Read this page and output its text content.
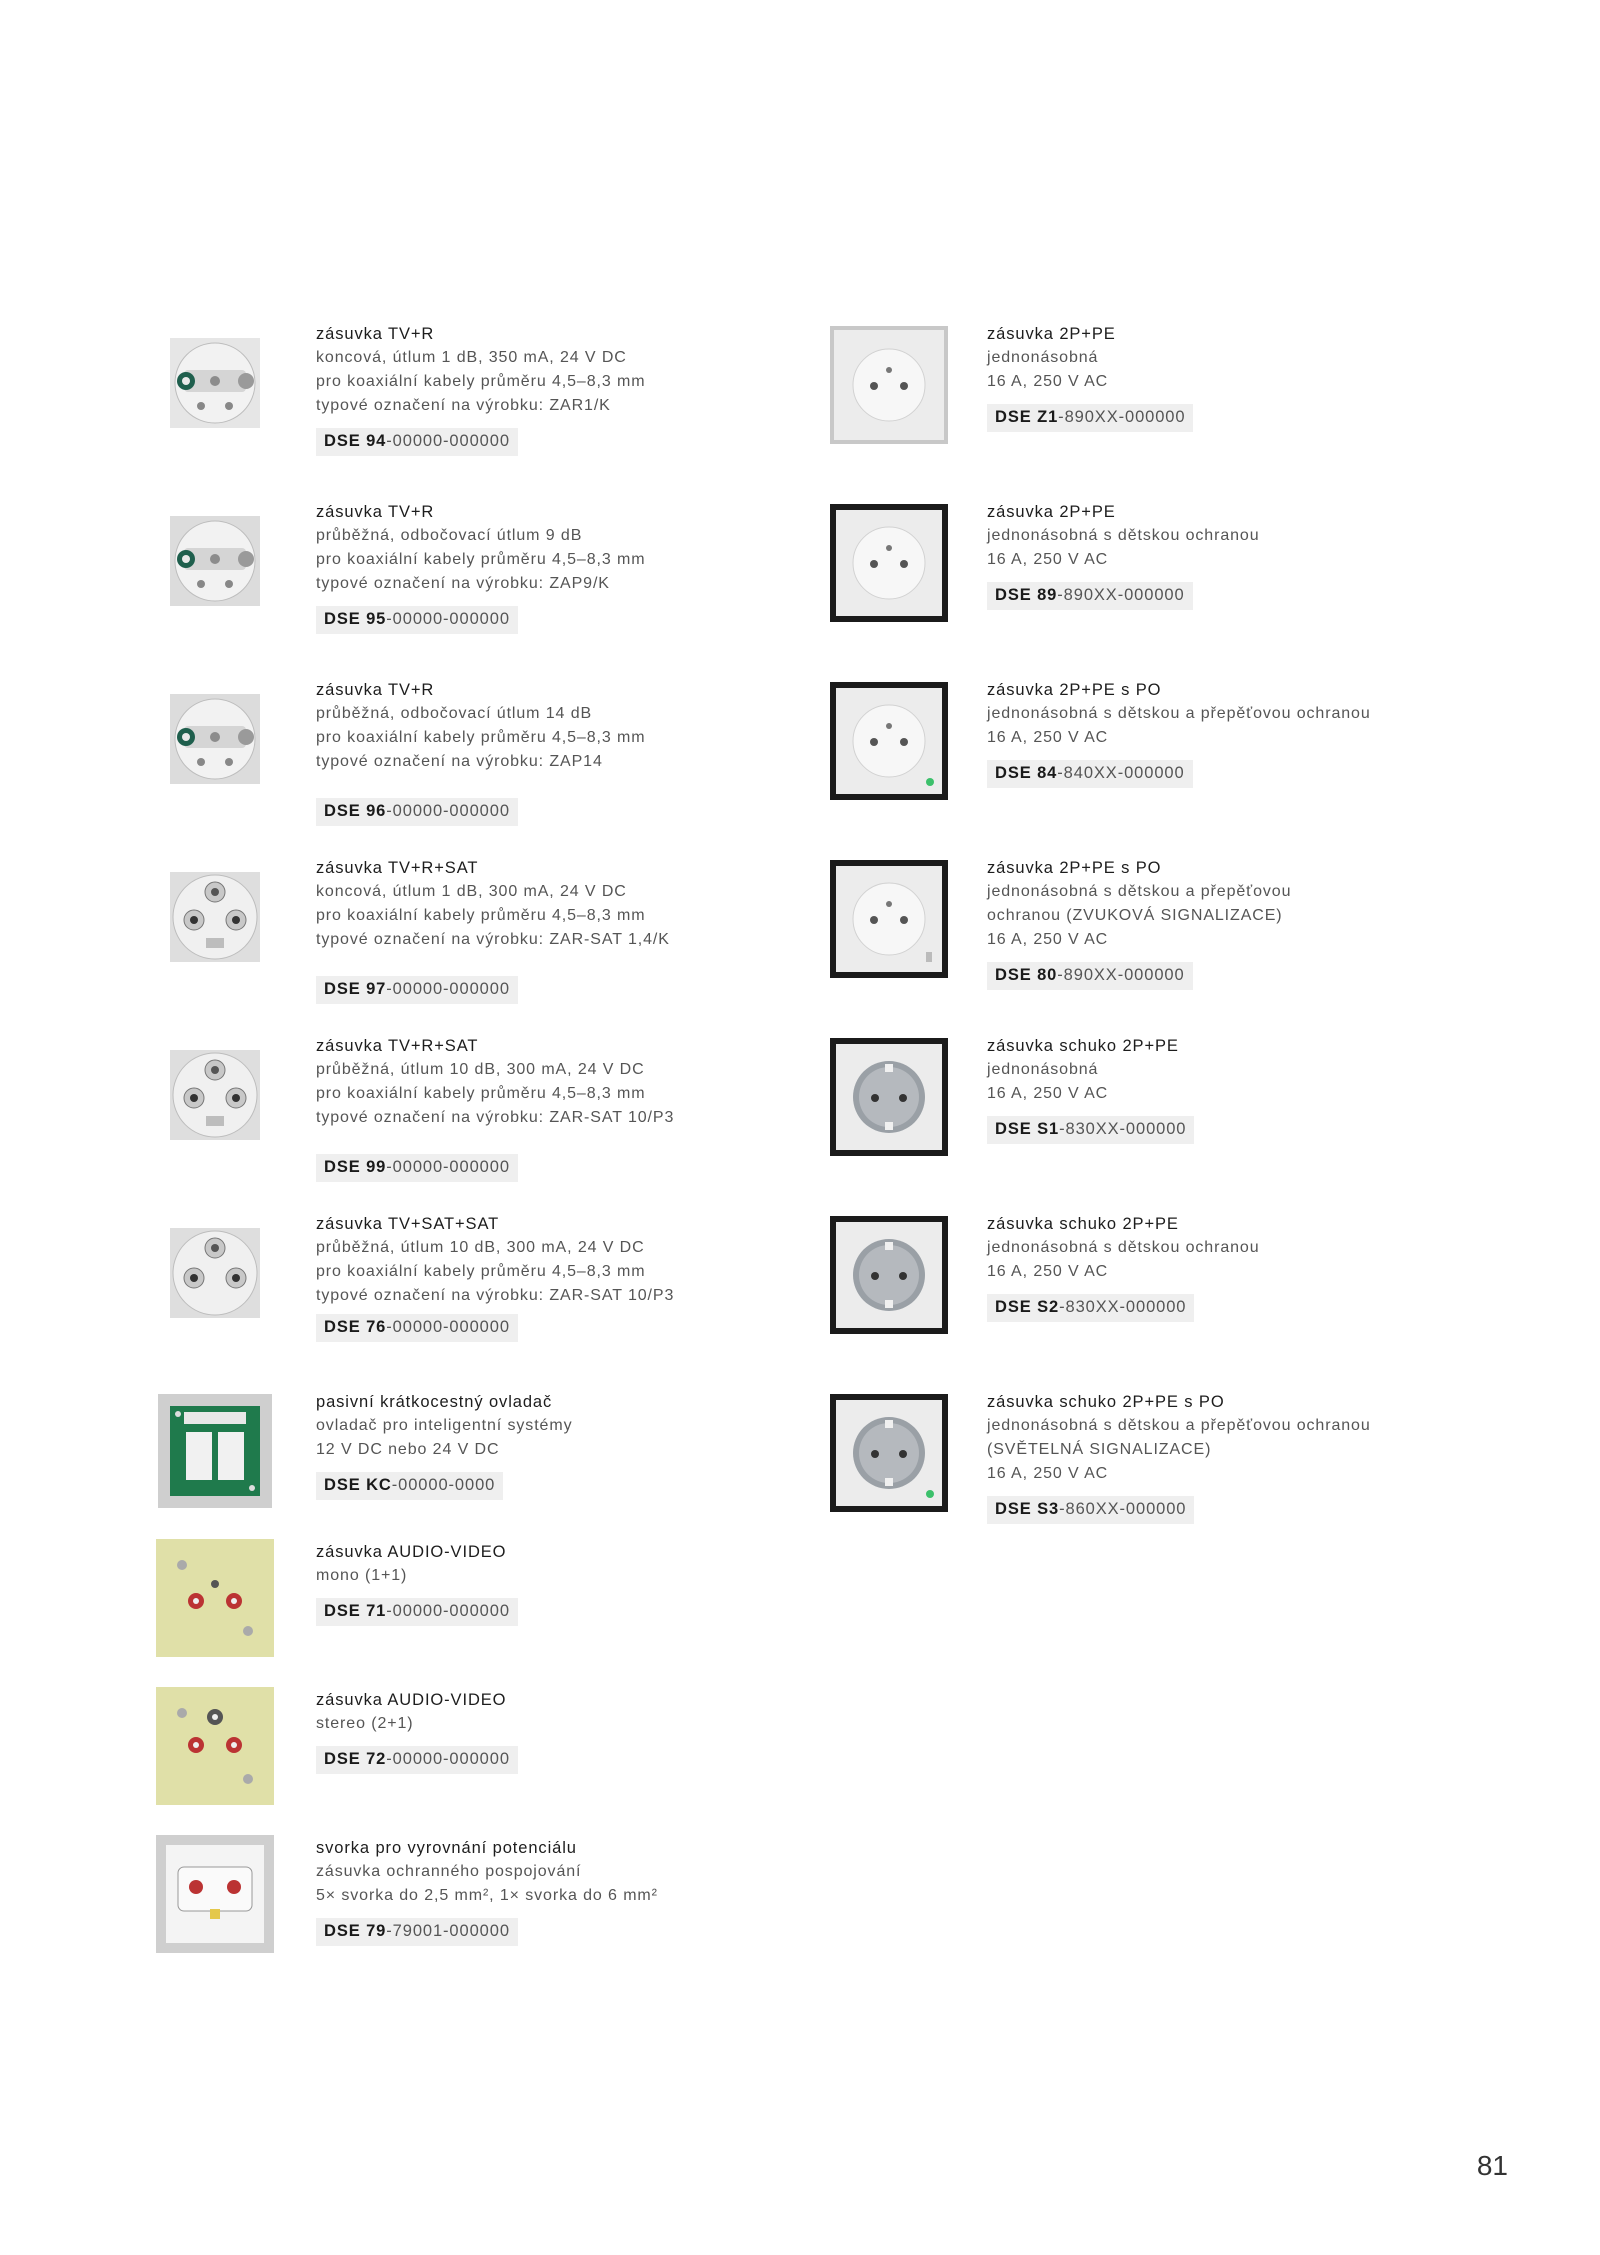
zásuvka TV+R
koncová, útlum 1 dB, 350 mA, 24 V DC
pro koaxiální kabely průměru 4,5–8,3 mm
typové označení na výrobku: ZAR1/K
DSE 94-00000-000000
zásuvka TV+R
průběžná, odbočovací útlum 9 dB
pro koaxiální kabely průměru 4,5–8,3 mm
typové označení na výrobku: ZAP9/K
DSE 95-00000-000000
zásuvka TV+R
průběžná, odbočovací útlum 14 dB
pro koaxiální kabely průměru 4,5–8,3 mm
typové označení na výrobku: ZAP14
DSE 96-00000-000000
zásuvka TV+R+SAT
koncová, útlum 1 dB, 300 mA, 24 V DC
pro koaxiální kabely průměru 4,5–8,3 mm
typové označení na výrobku: ZAR-SAT 1,4/K
DSE 97-00000-000000
zásuvka TV+R+SAT
průběžná, útlum 10 dB, 300 mA, 24 V DC
pro koaxiální kabely průměru 4,5–8,3 mm
typové označení na výrobku: ZAR-SAT 10/P3
DSE 99-00000-000000
zásuvka TV+SAT+SAT
průběžná, útlum 10 dB, 300 mA, 24 V DC
pro koaxiální kabely průměru 4,5–8,3 mm
typové označení na výrobku: ZAR-SAT 10/P3
DSE 76-00000-000000
pasivní krátkocestný ovladač
ovladač pro inteligentní systémy
12 V DC nebo 24 V DC
DSE KC-00000-0000
zásuvka AUDIO-VIDEO
mono (1+1)
DSE 71-00000-000000
zásuvka AUDIO-VIDEO
stereo (2+1)
DSE 72-00000-000000
svorka pro vyrovnání potenciálu
zásuvka ochranného pospojování
5× svorka do 2,5 mm², 1× svorka do 6 mm²
DSE 79-79001-000000
zásuvka 2P+PE
jednonásobná
16 A, 250 V AC
DSE Z1-890XX-000000
zásuvka 2P+PE
jednonásobná s dětskou ochranou
16 A, 250 V AC
DSE 89-890XX-000000
zásuvka 2P+PE s PO
jednonásobná s dětskou a přepěťovou ochranou
16 A, 250 V AC
DSE 84-840XX-000000
zásuvka 2P+PE s PO
jednonásobná s dětskou a přepěťovou
ochranou (ZVUKOVÁ SIGNALIZACE)
16 A, 250 V AC
DSE 80-890XX-000000
zásuvka schuko 2P+PE
jednonásobná
16 A, 250 V AC
DSE S1-830XX-000000
zásuvka schuko 2P+PE
jednonásobná s dětskou ochranou
16 A, 250 V AC
DSE S2-830XX-000000
zásuvka schuko 2P+PE s PO
jednonásobná s dětskou a přepěťovou ochranou
(SVĚTELNÁ SIGNALIZACE)
16 A, 250 V AC
DSE S3-860XX-000000
81
